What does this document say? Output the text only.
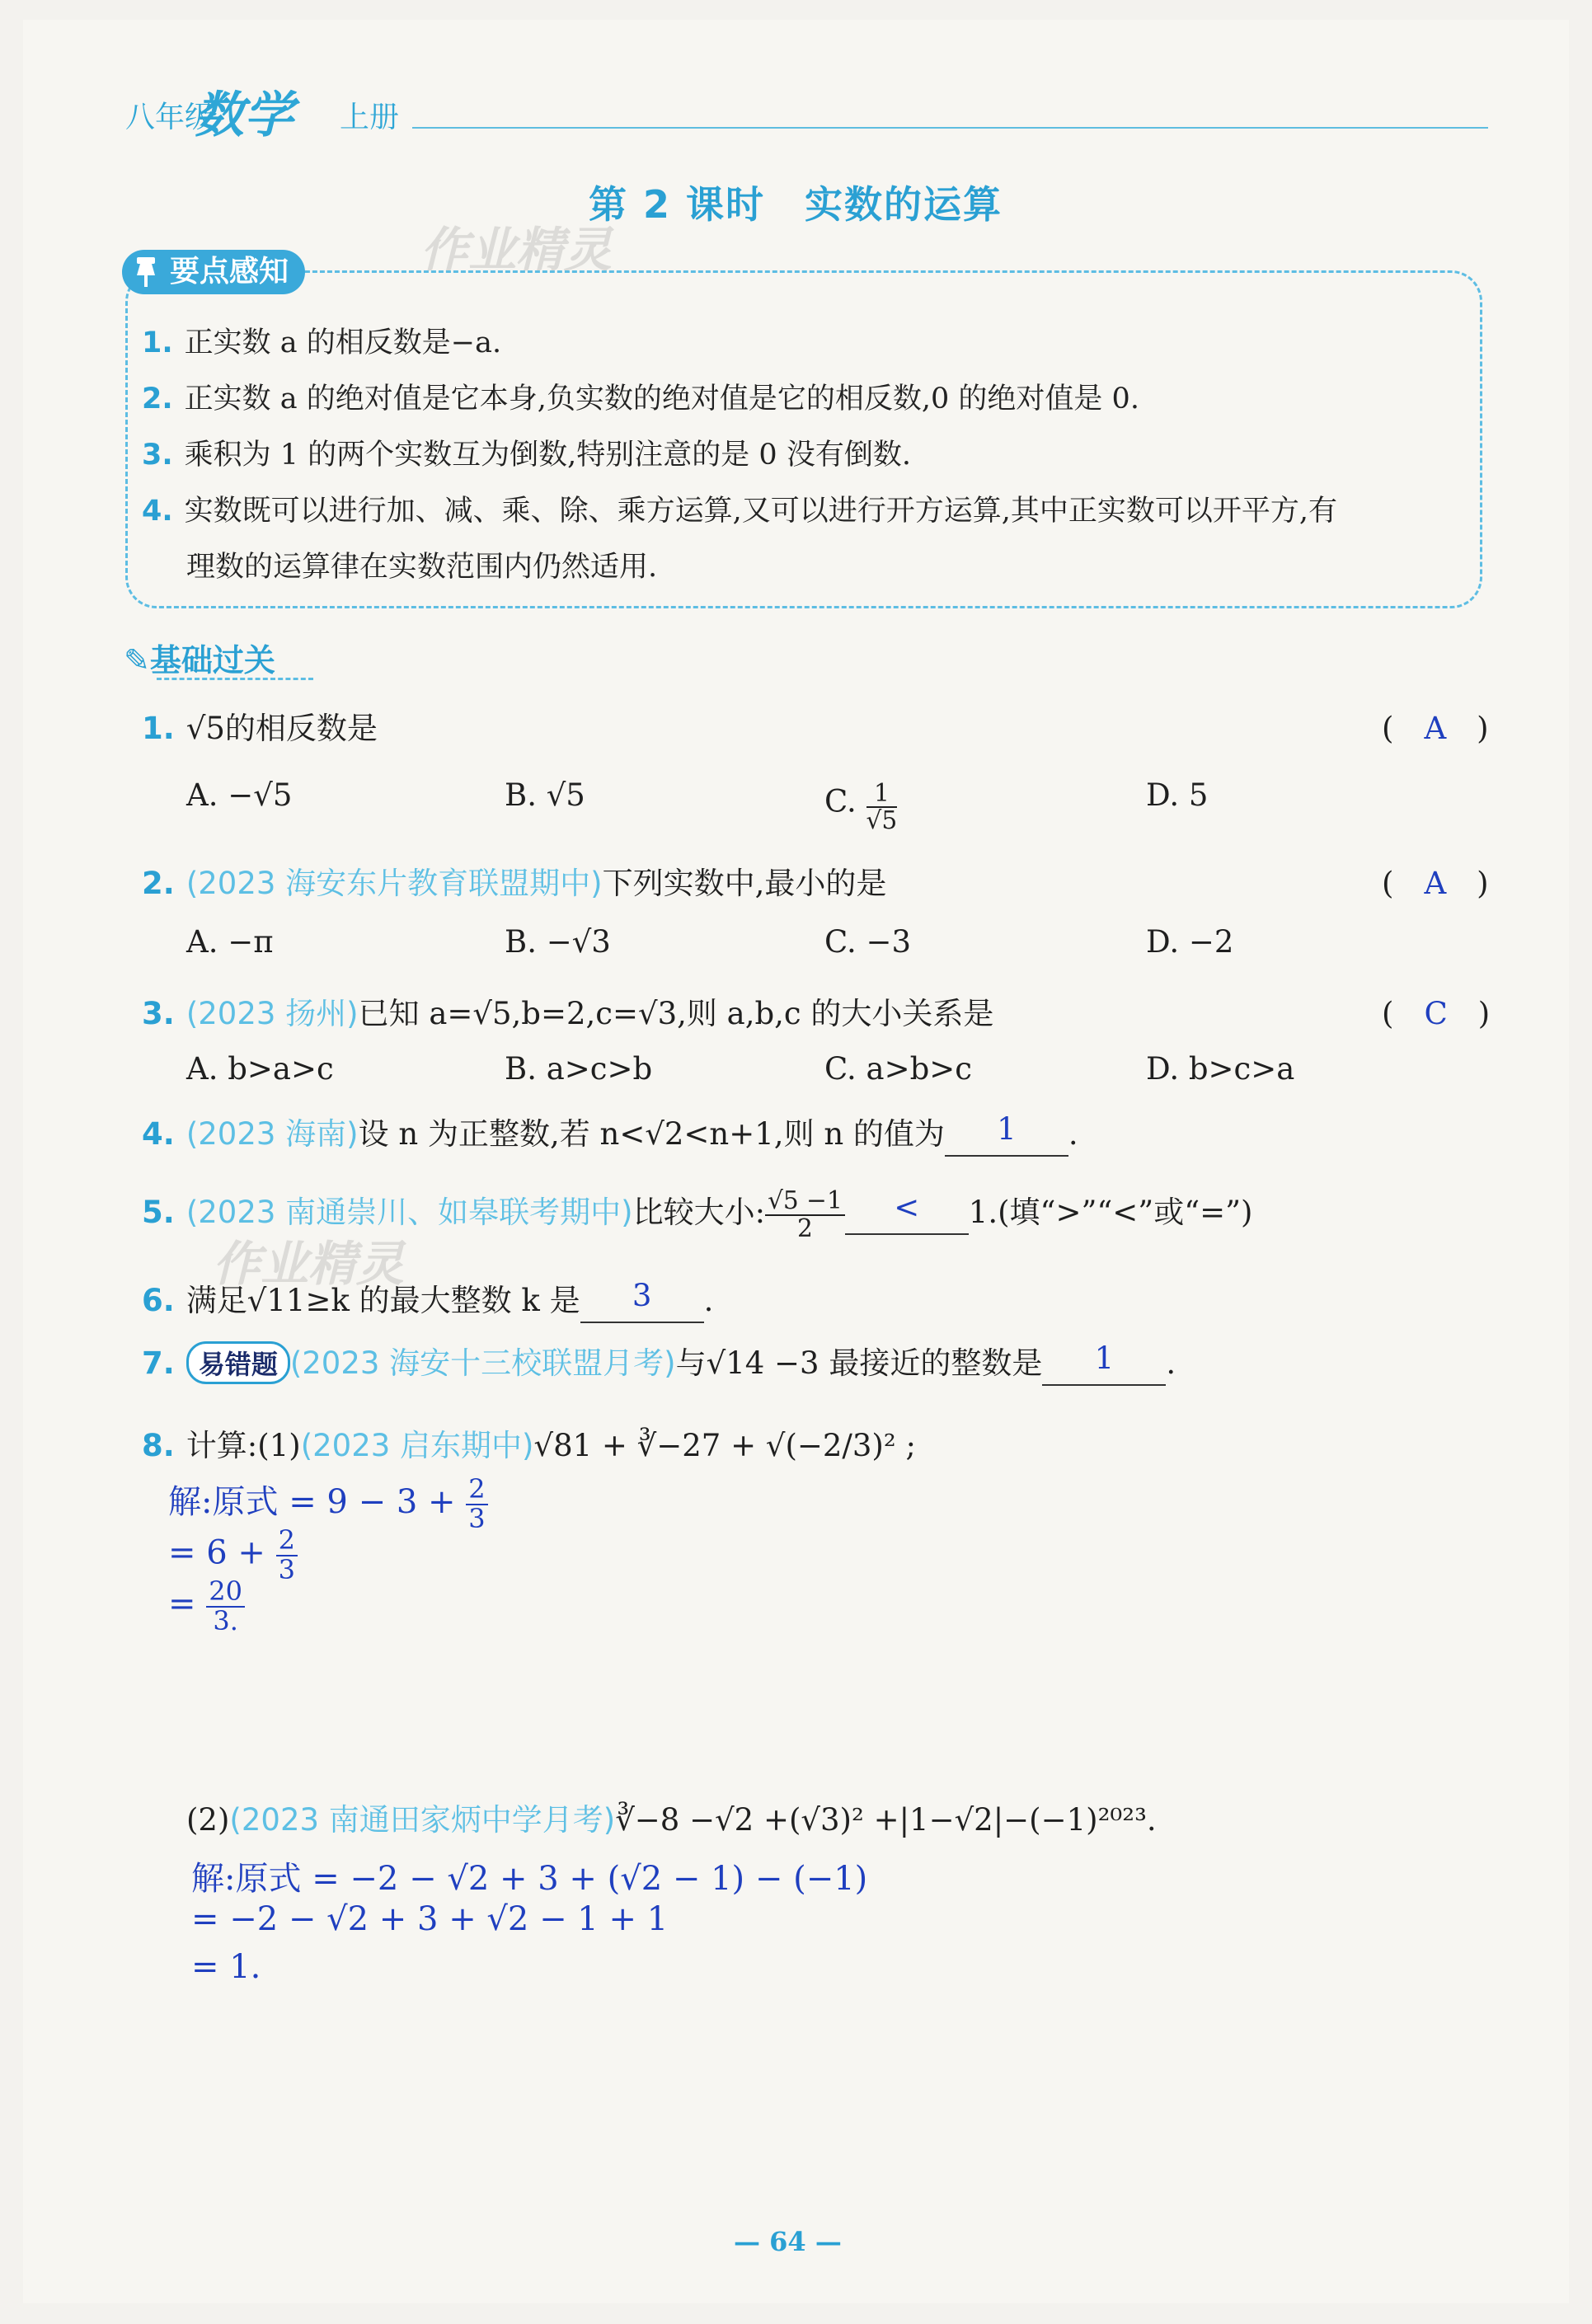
八年级
数学 上册
第 2 课时　实数的运算
作业精灵
要点感知
1. 正实数 a 的相反数是−a.
2. 正实数 a 的绝对值是它本身,负实数的绝对值是它的相反数,0 的绝对值是 0.
3. 乘积为 1 的两个实数互为倒数,特别注意的是 0 没有倒数.
4. 实数既可以进行加、减、乘、除、乘方运算,又可以进行开方运算,其中正实数可以开平方,有
理数的运算律在实数范围内仍然适用.
✎基础过关
1. √5的相反数是	(　A　)
A. −√5	B. √5	C. $\frac{1}{√5}$	D. 5
2. (2023 海安东片教育联盟期中)下列实数中,最小的是	(　A　)
A. −π	B. −√3	C. −3	D. −2
3. (2023 扬州)已知 a=√5,b=2,c=√3,则 a,b,c 的大小关系是	(　C　)
A. b>a>c	B. a>c>b	C. a>b>c	D. b>c>a
4. (2023 海南)设 n 为正整数,若 n<√2<n+1,则 n 的值为 1 .
5. (2023 南通崇川、如皋联考期中)比较大小: $\frac{√5 -1}{2} < 1$.(填“>”“<”或“=”)
作业精灵
6. 满足√11≥k 的最大整数 k 是 3 .
7. 易错题 (2023 海安十三校联盟月考)与√14 −3 最接近的整数是 1 .
8. 计算:(1)(2023 启东期中)√81 + ∛−27 + √(−2/3)² ;
解:原式 = $9 - 3 + \frac{2}{3}$
= $6 + \frac{2}{3}$
= $\frac{20}{3.}$
(2)(2023 南通田家炳中学月考)∛−8 −√2 +(√3)² +|1−√2|−(−1)²⁰²³.
解:原式 = −2 − √2 + 3 + (√2 − 1) − (−1)
= −2 − √2 + 3 + √2 − 1 + 1
= 1.
— 64 —
